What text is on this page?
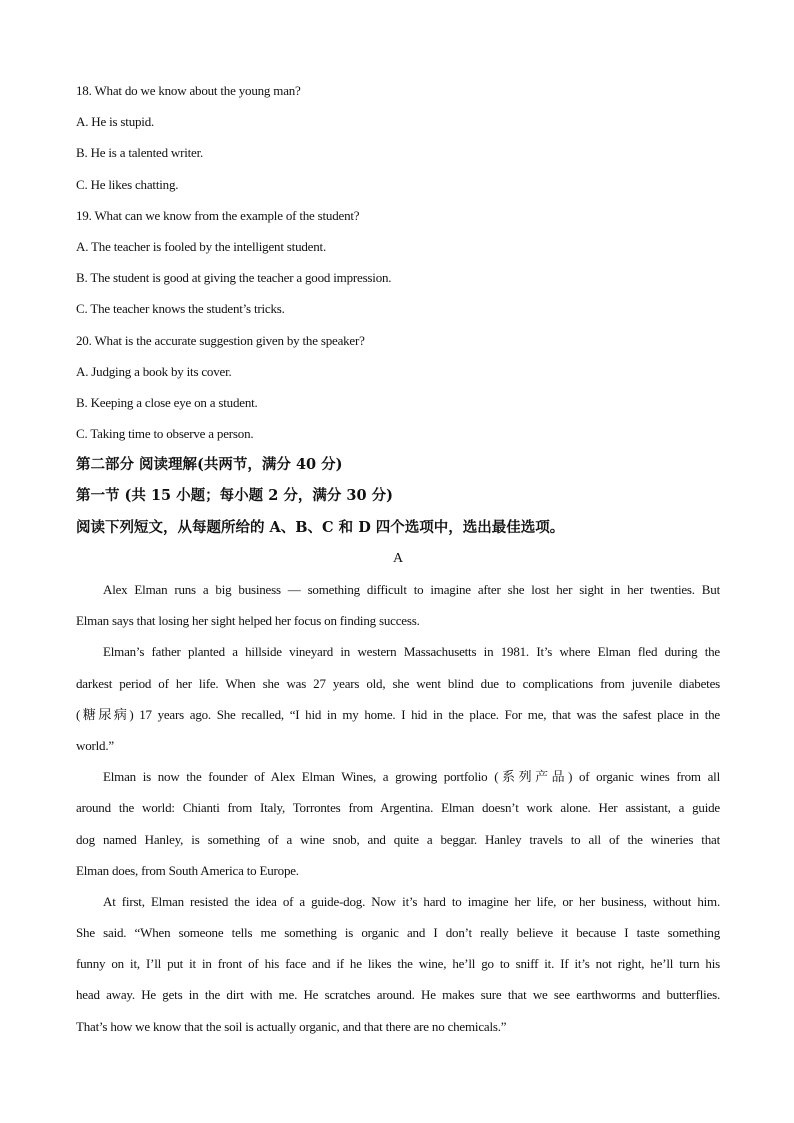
18. What do we know about the young man?
A. He is stupid.
B. He is a talented writer.
C. He likes chatting.
19. What can we know from the example of the student?
A. The teacher is fooled by the intelligent student.
B. The student is good at giving the teacher a good impression.
C. The teacher knows the student’s tricks.
20. What is the accurate suggestion given by the speaker?
A. Judging a book by its cover.
B. Keeping a close eye on a student.
C. Taking time to observe a person.
第二部分 阅读理解(共两节，满分 40 分)
第一节 (共 15 小题；每小题 2 分，满分 30 分)
阅读下列短文，从每题所给的 A、B、C 和 D 四个选项中，选出最佳选项。
A
Alex Elman runs a big business — something difficult to imagine after she lost her sight in her twenties. But
Elman says that losing her sight helped her focus on finding success.
Elman’s father planted a hillside vineyard in western Massachusetts in 1981. It’s where Elman fled during the
darkest period of her life. When she was 27 years old, she went blind due to complications from juvenile diabetes
(糖尿病) 17 years ago. She recalled, “I hid in my home. I hid in the place. For me, that was the safest place in the
world.”
Elman is now the founder of Alex Elman Wines, a growing portfolio (系列产品) of organic wines from all
around the world: Chianti from Italy, Torrontes from Argentina. Elman doesn’t work alone. Her assistant, a guide
dog named Hanley, is something of a wine snob, and quite a beggar. Hanley travels to all of the wineries that
Elman does, from South America to Europe.
At first, Elman resisted the idea of a guide-dog. Now it’s hard to imagine her life, or her business, without him.
She said. “When someone tells me something is organic and I don’t really believe it because I taste something
funny on it, I’ll put it in front of his face and if he likes the wine, he’ll go to sniff it. If it’s not right, he’ll turn his
head away. He gets in the dirt with me. He scratches around. He makes sure that we see earthworms and butterflies.
That’s how we know that the soil is actually organic, and that there are no chemicals.”
